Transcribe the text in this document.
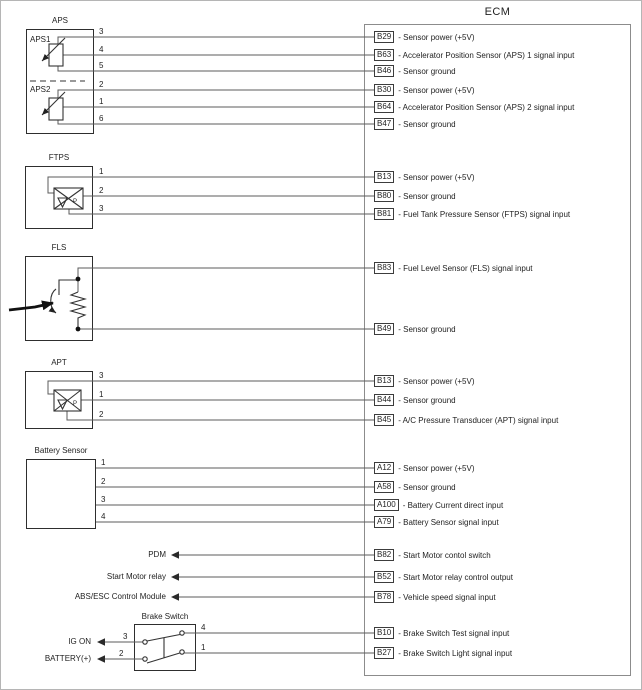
ECM
3
4
5
2
1
6
1
2
3
3
1
2
1
2
3
4
4
1
3
2
P
P
B29 - Sensor power (+5V)
B63 - Accelerator Position Sensor (APS) 1 signal input
B46 - Sensor ground
B30 - Sensor power (+5V)
B64 - Accelerator Position Sensor (APS) 2 signal input
B47 - Sensor ground
B13 - Sensor power (+5V)
B80 - Sensor ground
B81 - Fuel Tank Pressure Sensor (FTPS) signal input
B83 - Fuel Level Sensor (FLS) signal input
B49 - Sensor ground
B13 - Sensor power (+5V)
B44 - Sensor ground
B45 - A/C Pressure Transducer (APT) signal input
A12 - Sensor power (+5V)
A58 - Sensor ground
A100 - Battery Current direct input
A79 - Battery Sensor signal input
B82 - Start Motor contol switch
B52 - Start Motor relay control output
B78 - Vehicle speed signal input
B10 - Brake Switch Test signal input
B27 - Brake Switch Light signal input
APS
APS1
APS2
FTPS
FLS
APT
Battery Sensor
PDM
Start Motor relay
ABS/ESC Control Module
Brake Switch
IG ON
BATTERY(+)
